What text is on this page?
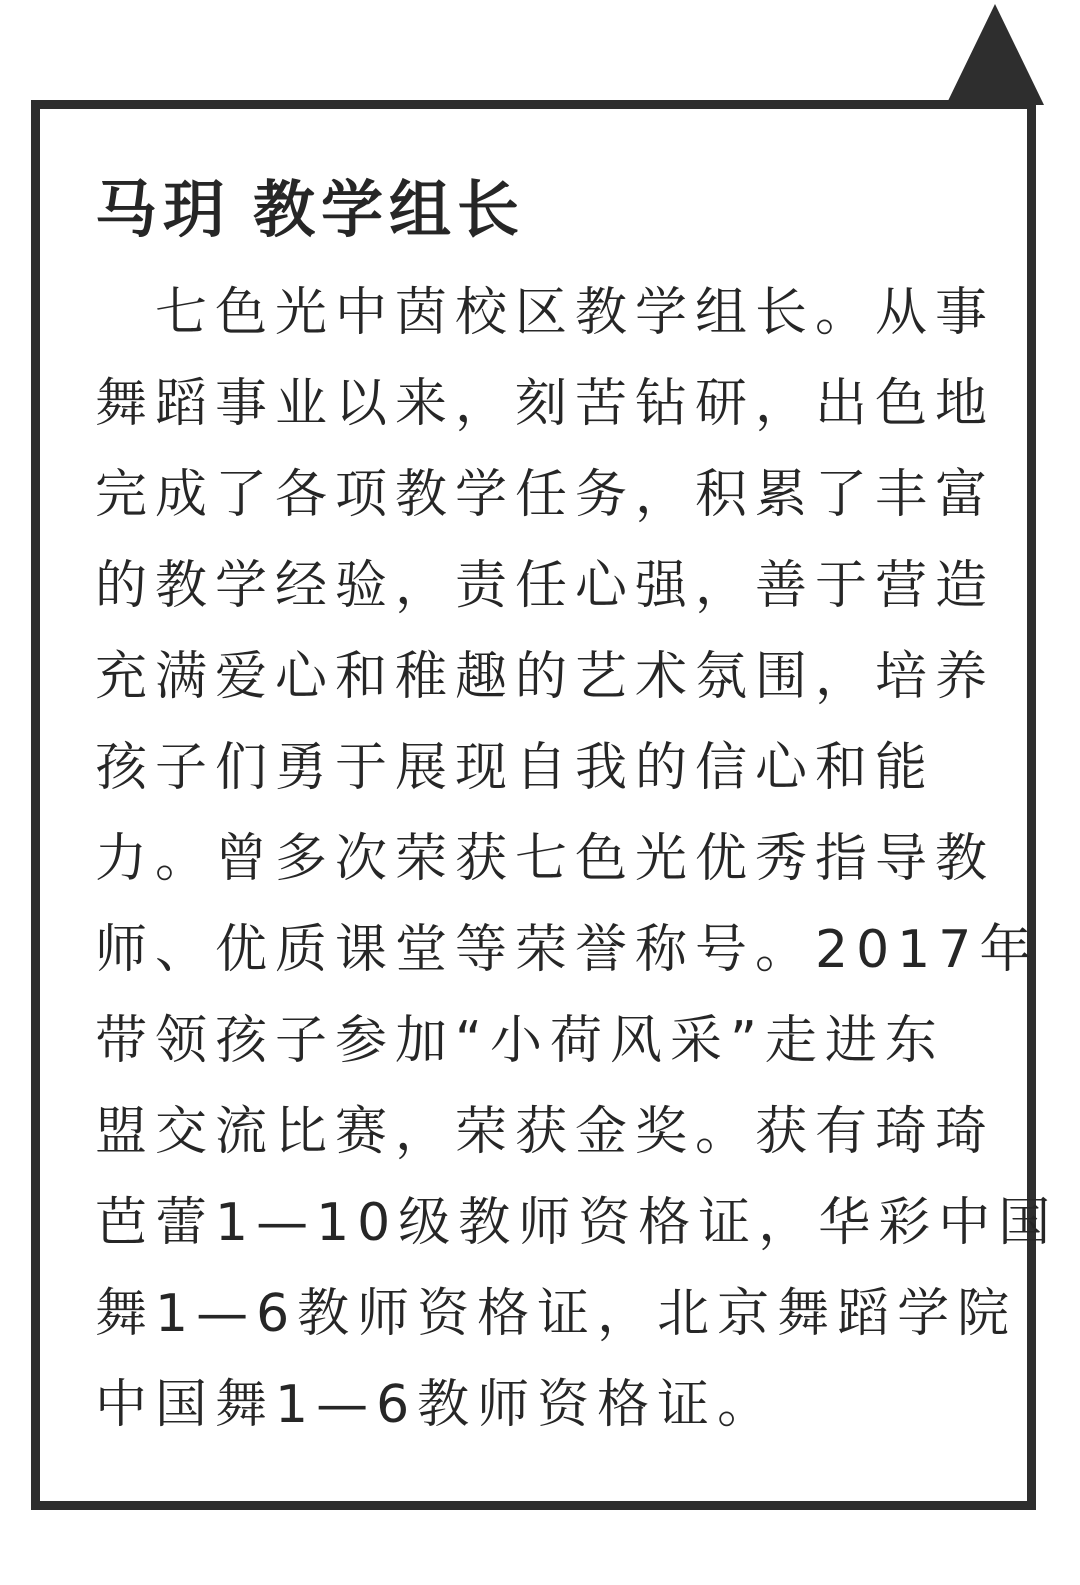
马玥 教学组长
　七色光中茵校区教学组长。从事
舞蹈事业以来，刻苦钻研，出色地
完成了各项教学任务，积累了丰富
的教学经验，责任心强，善于营造
充满爱心和稚趣的艺术氛围，培养
孩子们勇于展现自我的信心和能
力。曾多次荣获七色光优秀指导教
师、优质课堂等荣誉称号。2017年
带领孩子参加“小荷风采”走进东
盟交流比赛，荣获金奖。获有琦琦
芭蕾1—10级教师资格证，华彩中国
舞1—6教师资格证，北京舞蹈学院
中国舞1—6教师资格证。
